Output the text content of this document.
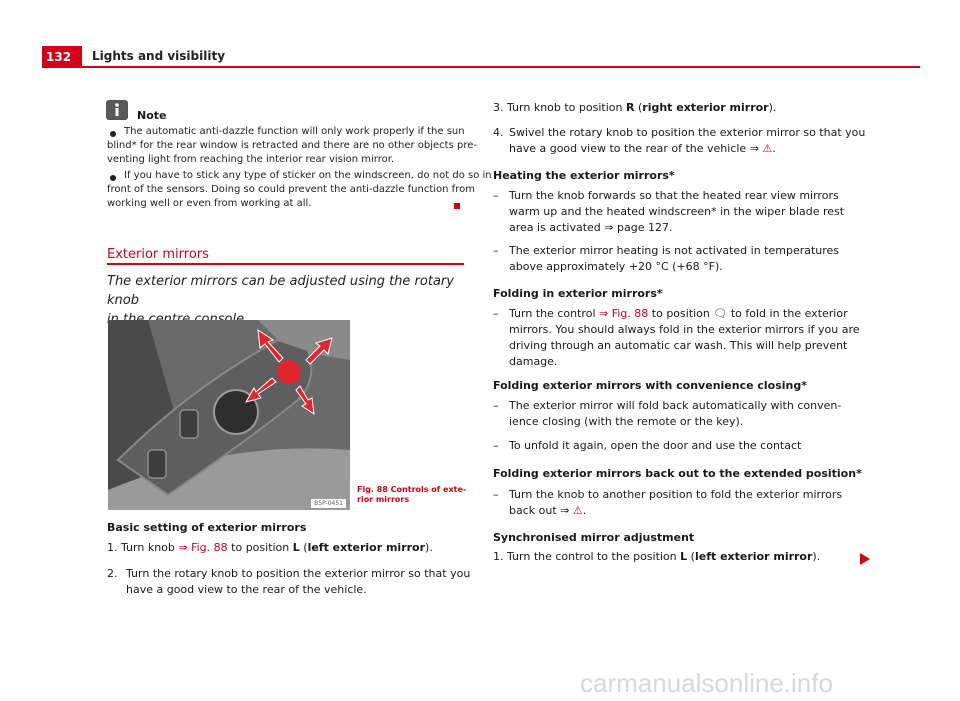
132	Lights and visibility
Note
The automatic anti-dazzle function will only work properly if the sun
blind* for the rear window is retracted and there are no other objects pre-
venting light from reaching the interior rear vision mirror.
If you have to stick any type of sticker on the windscreen, do not do so in
front of the sensors. Doing so could prevent the anti-dazzle function from
working well or even from working at all.
Exterior mirrors
The exterior mirrors can be adjusted using the rotary knob
B5P-0451
Fig. 88 Controls of exte-
rior mirrors
Basic setting of exterior mirrors
1. Turn knob ⇒ Fig. 88 to position L (left exterior mirror).
2. Turn the rotary knob to position the exterior mirror so that you
have a good view to the rear of the vehicle.
3. Turn knob to position R (right exterior mirror).
4. Swivel the rotary knob to position the exterior mirror so that you
have a good view to the rear of the vehicle ⇒ ⚠.
Heating the exterior mirrors*
– Turn the knob forwards so that the heated rear view mirrors
warm up and the heated windscreen* in the wiper blade rest
area is activated ⇒ page 127.
– The exterior mirror heating is not activated in temperatures
above approximately +20 °C (+68 °F).
Folding in exterior mirrors*
– Turn the control ⇒ Fig. 88 to position 🗨 to fold in the exterior
mirrors. You should always fold in the exterior mirrors if you are
driving through an automatic car wash. This will help prevent
damage.
Folding exterior mirrors with convenience closing*
– The exterior mirror will fold back automatically with conven-
ience closing (with the remote or the key).
– To unfold it again, open the door and use the contact
Folding exterior mirrors back out to the extended position*
– Turn the knob to another position to fold the exterior mirrors
back out ⇒ ⚠.
Synchronised mirror adjustment
1. Turn the control to the position L (left exterior mirror).
carmanualsonline.info
